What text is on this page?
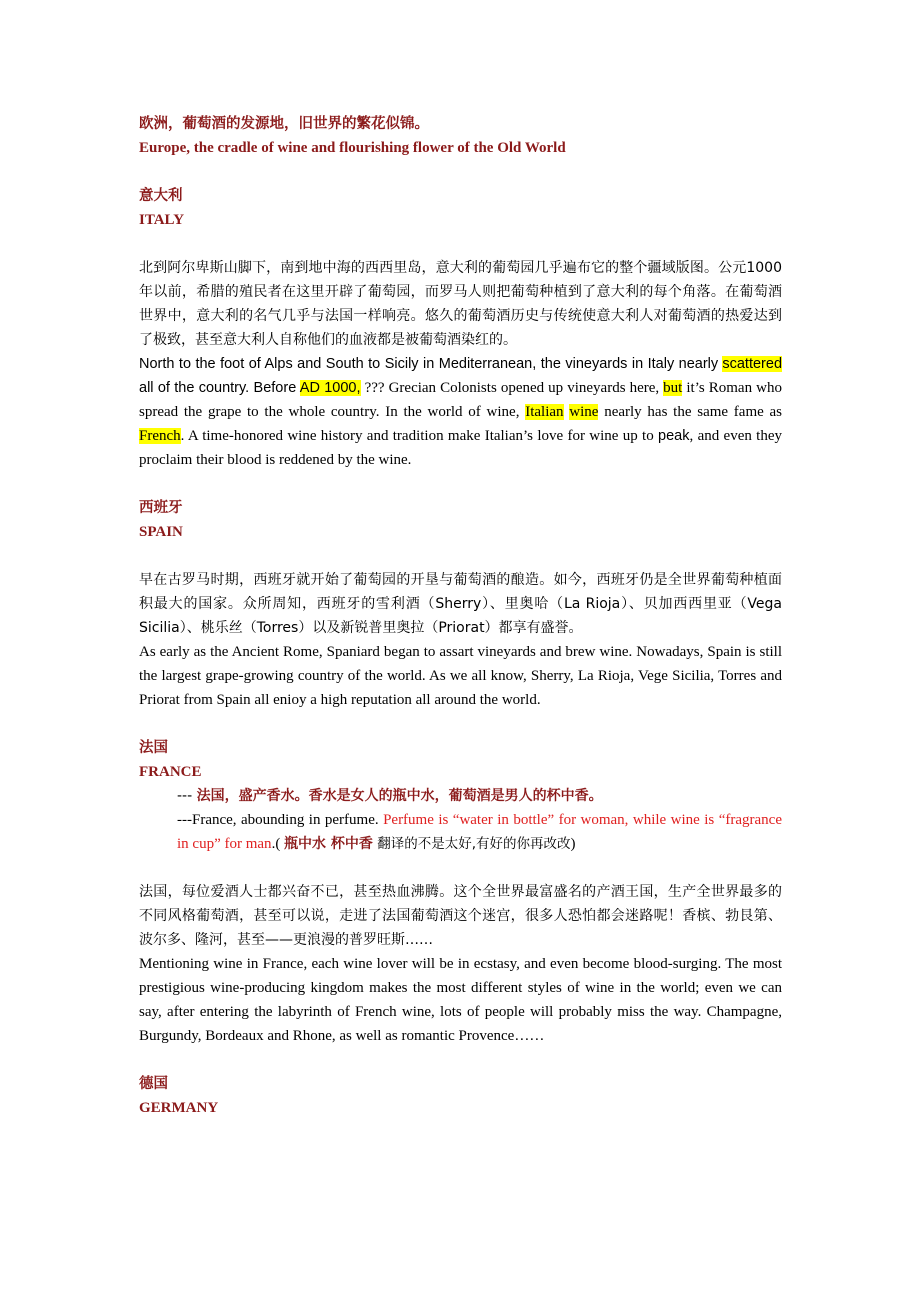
欧洲，葡萄酒的发源地，旧世界的繁花似锦。

Europe, the cradle of wine and flourishing flower of the Old World

意大利

ITALY

北到阿尔卑斯山脚下，南到地中海的西西里岛，意大利的葡萄园几乎遍布它的整个疆域版图。公元1000年以前，希腊的殖民者在这里开辟了葡萄园，而罗马人则把葡萄种植到了意大利的每个角落。在葡萄酒世界中，意大利的名气几乎与法国一样响亮。悠久的葡萄酒历史与传统使意大利人对葡萄酒的热爱达到了极致，甚至意大利人自称他们的血液都是被葡萄酒染红的。

North to the foot of Alps and South to Sicily in Mediterranean, the vineyards in Italy nearly scattered all of the country. Before AD 1000, ??? Grecian Colonists opened up vineyards here, but it’s Roman who spread the grape to the whole country. In the world of wine, Italian wine nearly has the same fame as French. A time-honored wine history and tradition make Italian’s love for wine up to peak, and even they proclaim their blood is reddened by the wine.

西班牙

SPAIN

早在古罗马时期，西班牙就开始了葡萄园的开垦与葡萄酒的酿造。如今，西班牙仍是全世界葡萄种植面积最大的国家。众所周知，西班牙的雪利酒（Sherry）、里奥哈（La Rioja）、贝加西西里亚（Vega Sicilia）、桃乐丝（Torres）以及新锐普里奥拉（Priorat）都享有盛誉。

As early as the Ancient Rome, Spaniard began to assart vineyards and brew wine. Nowadays, Spain is still the largest grape-growing country of the world. As we all know, Sherry, La Rioja, Vege Sicilia, Torres and Priorat from Spain all enioy a high reputation all around the world.

法国

FRANCE

--- 法国，盛产香水。香水是女人的瓶中水，葡萄酒是男人的杯中香。

---France, abounding in perfume. Perfume is “water in bottle” for woman, while wine is “fragrance in cup” for man.( 瓶中水 杯中香 翻译的不是太好,有好的你再改改)

法国，每位爱酒人士都兴奋不已，甚至热血沸腾。这个全世界最富盛名的产酒王国，生产全世界最多的不同风格葡萄酒，甚至可以说，走进了法国葡萄酒这个迷宫，很多人恐怕都会迷路呢！香槟、勃艮第、波尔多、隆河，甚至——更浪漫的普罗旺斯……

Mentioning wine in France, each wine lover will be in ecstasy, and even become blood-surging. The most prestigious wine-producing kingdom makes the most different styles of wine in the world; even we can say, after entering the labyrinth of French wine, lots of people will probably miss the way. Champagne, Burgundy, Bordeaux and Rhone, as well as romantic Provence……

德国

GERMANY
